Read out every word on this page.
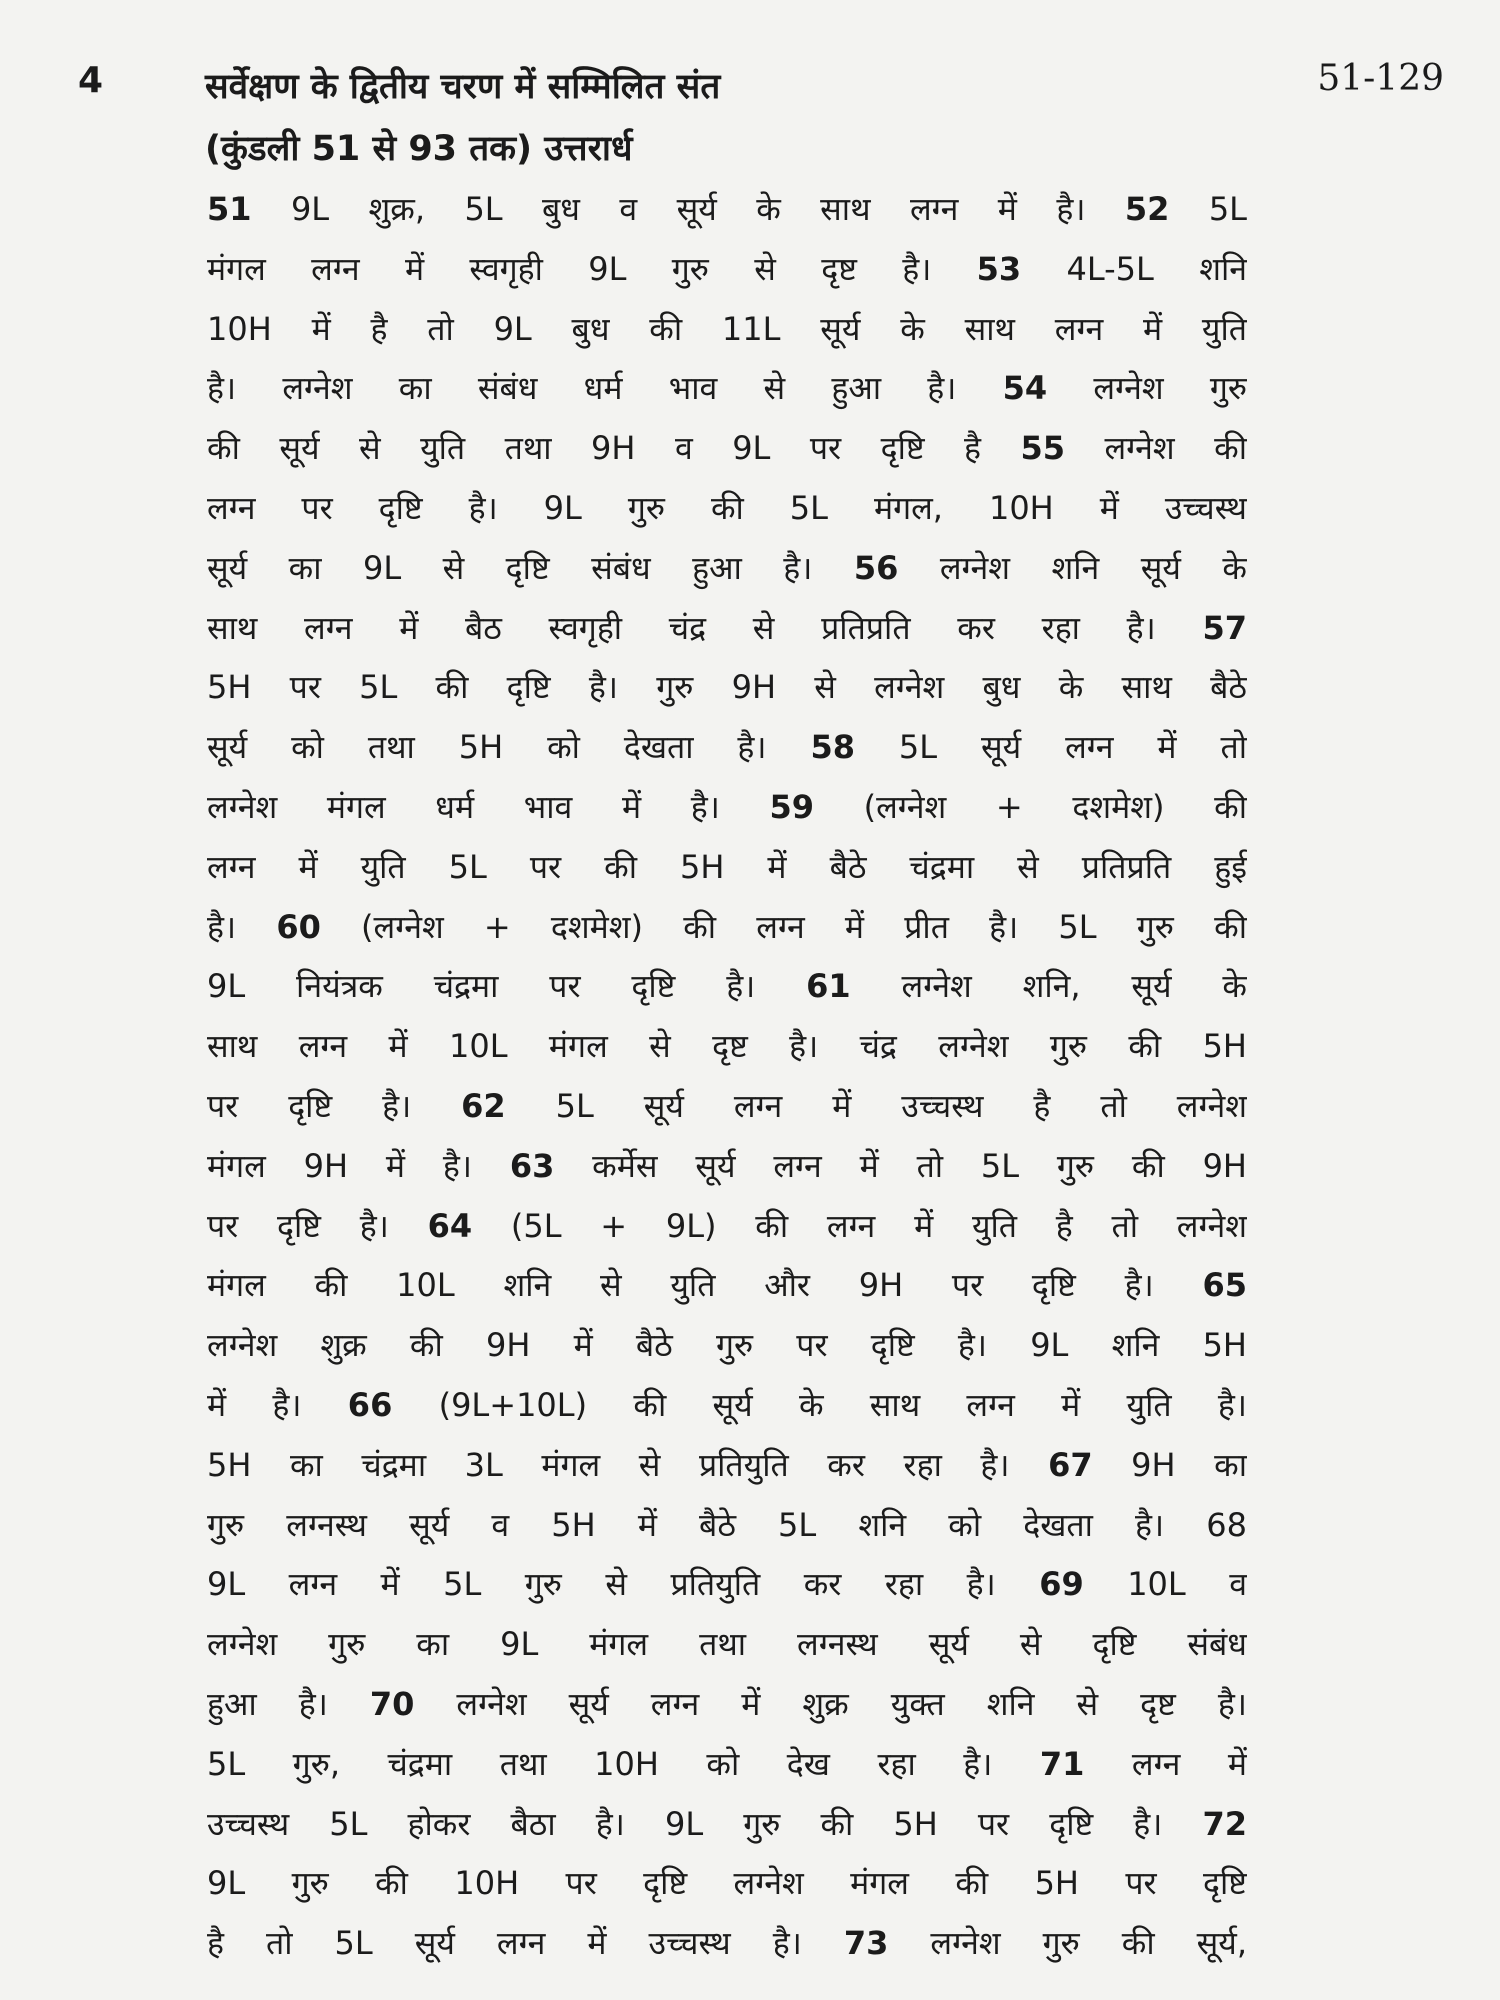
4	सर्वेक्षण के द्वितीय चरण में सम्मिलित संत
(कुंडली 51 से 93 तक) उत्तरार्ध
51-129
51 9L शुक्र, 5L बुध व सूर्य के साथ लग्न में है। 52 5L
मंगल लग्न में स्वगृही 9L गुरु से दृष्ट है। 53 4L-5L शनि
10H में है तो 9L बुध की 11L सूर्य के साथ लग्न में युति
है। लग्नेश का संबंध धर्म भाव से हुआ है। 54 लग्नेश गुरु
की सूर्य से युति तथा 9H व 9L पर दृष्टि है 55 लग्नेश की
लग्न पर दृष्टि है। 9L गुरु की 5L मंगल, 10H में उच्चस्थ
सूर्य का 9L से दृष्टि संबंध हुआ है। 56 लग्नेश शनि सूर्य के
साथ लग्न में बैठ स्वगृही चंद्र से प्रतिप्रति कर रहा है। 57
5H पर 5L की दृष्टि है। गुरु 9H से लग्नेश बुध के साथ बैठे
सूर्य को तथा 5H को देखता है। 58 5L सूर्य लग्न में तो
लग्नेश मंगल धर्म भाव में है। 59 (लग्नेश + दशमेश) की
लग्न में युति 5L पर की 5H में बैठे चंद्रमा से प्रतिप्रति हुई
है। 60 (लग्नेश + दशमेश) की लग्न में प्रीत है। 5L गुरु की
9L नियंत्रक चंद्रमा पर दृष्टि है। 61 लग्नेश शनि, सूर्य के
साथ लग्न में 10L मंगल से दृष्ट है। चंद्र लग्नेश गुरु की 5H
पर दृष्टि है। 62 5L सूर्य लग्न में उच्चस्थ है तो लग्नेश
मंगल 9H में है। 63 कर्मेस सूर्य लग्न में तो 5L गुरु की 9H
पर दृष्टि है। 64 (5L + 9L) की लग्न में युति है तो लग्नेश
मंगल की 10L शनि से युति और 9H पर दृष्टि है। 65
लग्नेश शुक्र की 9H में बैठे गुरु पर दृष्टि है। 9L शनि 5H
में है। 66 (9L+10L) की सूर्य के साथ लग्न में युति है।
5H का चंद्रमा 3L मंगल से प्रतियुति कर रहा है। 67 9H का
गुरु लग्नस्थ सूर्य व 5H में बैठे 5L शनि को देखता है। 68
9L लग्न में 5L गुरु से प्रतियुति कर रहा है। 69 10L व
लग्नेश गुरु का 9L मंगल तथा लग्नस्थ सूर्य से दृष्टि संबंध
हुआ है। 70 लग्नेश सूर्य लग्न में शुक्र युक्त शनि से दृष्ट है।
5L गुरु, चंद्रमा तथा 10H को देख रहा है। 71 लग्न में
उच्चस्थ 5L होकर बैठा है। 9L गुरु की 5H पर दृष्टि है। 72
9L गुरु की 10H पर दृष्टि लग्नेश मंगल की 5H पर दृष्टि
है तो 5L सूर्य लग्न में उच्चस्थ है। 73 लग्नेश गुरु की सूर्य,
